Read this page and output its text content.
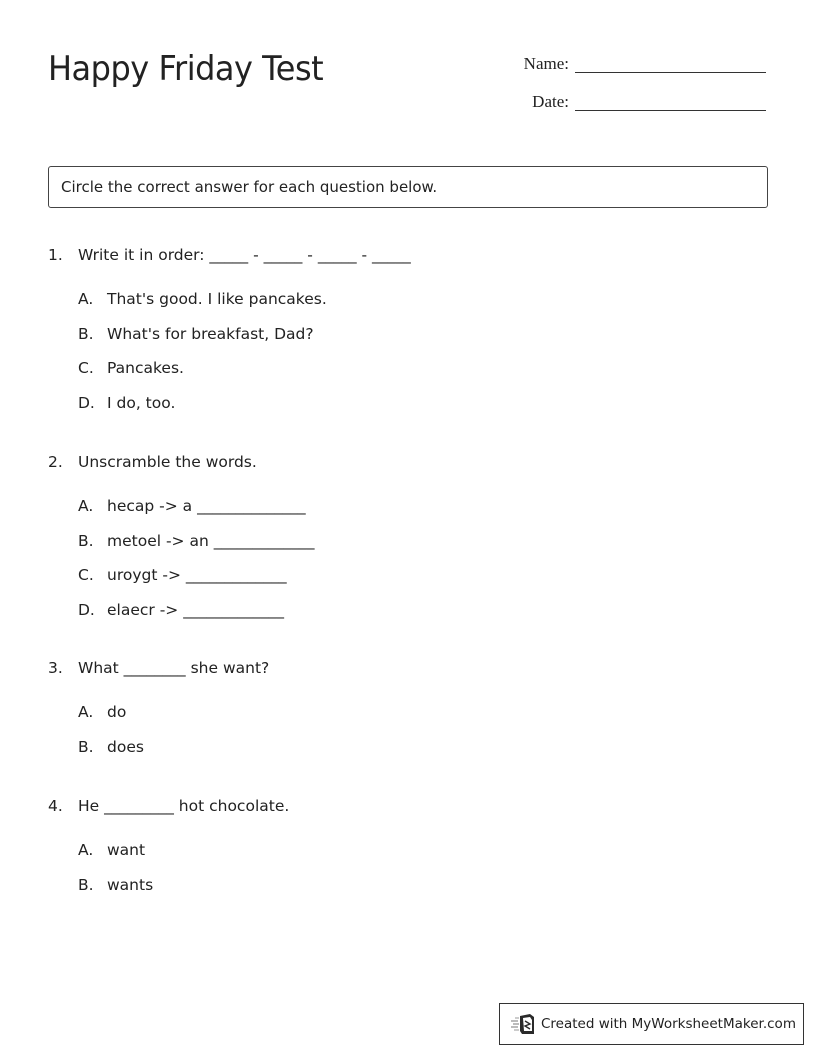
Happy Friday Test	Name:
Date:
Circle the correct answer for each question below.
1. Write it in order: _____ - _____ - _____ - _____
A. That's good. I like pancakes.
B. What's for breakfast, Dad?
C. Pancakes.
D. I do, too.
2. Unscramble the words.
A. hecap -> a ______________
B. metoel -> an _____________
C. uroygt -> _____________
D. elaecr -> _____________
3. What ________ she want?
A. do
B. does
4. He _________ hot chocolate.
A. want
B. wants
Created with MyWorksheetMaker.com
